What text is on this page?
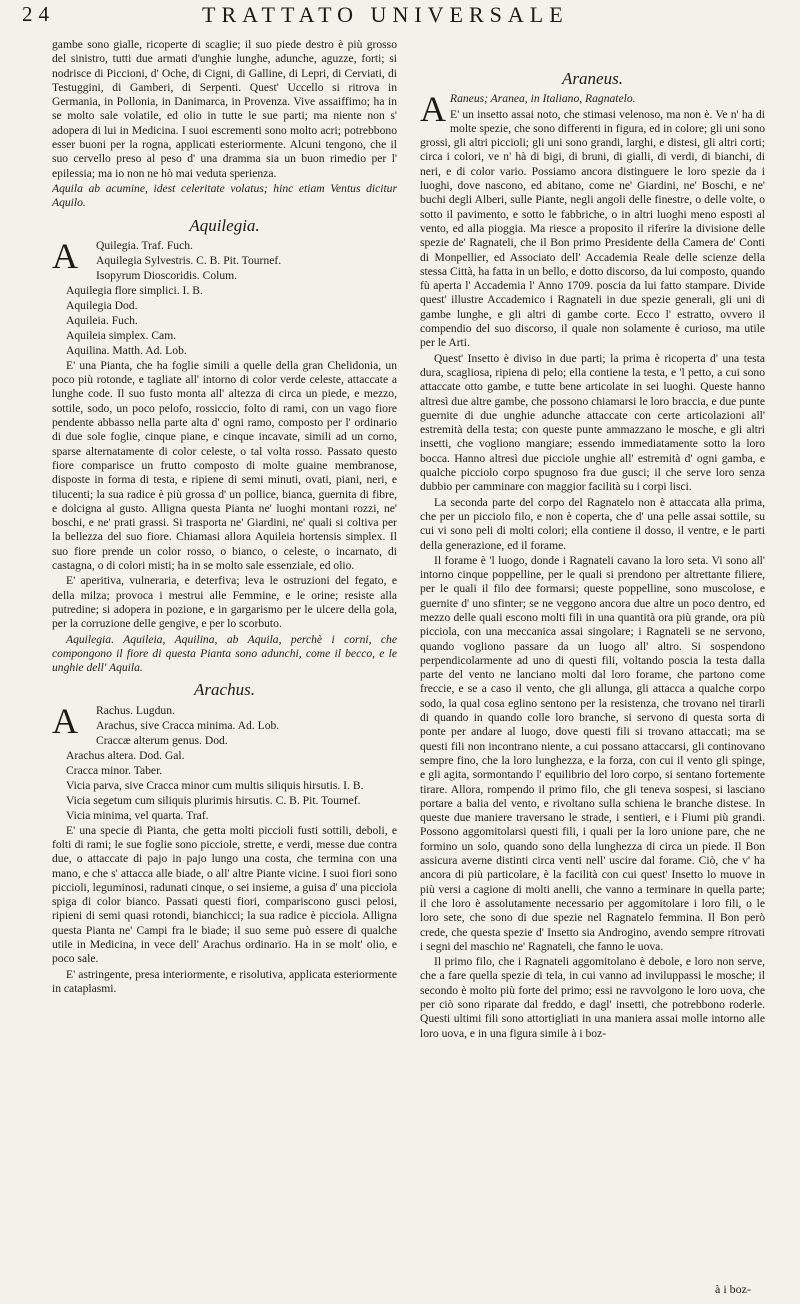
24	TRATTATO UNIVERSALE

gambe sono gialle, ricoperte di scaglie; il suo piede destro è più grosso del sinistro, tutti due armati d'unghie lunghe, adunche, aguzze, forti; si nodrisce di Piccioni, d' Oche, di Cigni, di Galline, di Lepri, di Cerviati, di Testuggini, di Gamberi, di Serpenti. Quest' Uccello si ritrova in Germania, in Pollonia, in Danimarca, in Provenza. Vive assaiffimo; ha in se molto sale volatile, ed olio in tutte le sue parti; ma niente non s' adopera di lui in Medicina. I suoi escrementi sono molto acri; potrebbono esser buoni per la rogna, applicati esteriormente. Alcuni tengono, che il suo cervello preso al peso d' una dramma sia un buon rimedio per l' epilessia; ma io non ne hò mai veduta sperienza.

Aquila ab acumine, idest celeritate volatus; hinc etiam Ventus dicitur Aquilo.

Aquilegia.
A	Quilegia. Traf. Fuch.

Aquilegia Sylvestris. C. B. Pit. Tournef.

Isopyrum Dioscoridis. Colum.

Aquilegia flore simplici. I. B.

Aquilegia Dod.

Aquileia. Fuch.

Aquileia simplex. Cam.

Aquilina. Matth. Ad. Lob.

E' una Pianta, che ha foglie simili a quelle della gran Chelidonia, un poco più rotonde, e tagliate all' intorno di color verde celeste, attaccate a lunghe code. Il suo fusto monta all' altezza di circa un piede, e mezzo, sottile, sodo, un poco pelofo, rossiccio, folto di rami, con un vago fiore pendente abbasso nella parte alta d' ogni ramo, composto per l' ordinario di due sole foglie, cinque piane, e cinque incavate, simili ad un corno, sparse alternatamente di color celeste, o tal volta rosso. Passato questo fiore comparisce un frutto composto di molte guaine membranose, disposte in forma di testa, e ripiene di semi minuti, ovati, piani, neri, e tilucenti; la sua radice è più grossa d' un pollice, bianca, guernita di fibre, e dolcigna al gusto. Alligna questa Pianta ne' luoghi montani rozzi, ne' boschi, e ne' prati grassi. Si trasporta ne' Giardini, ne' quali si coltiva per la bellezza del suo fiore. Chiamasi allora Aquileia hortensis simplex. Il suo fiore prende un color rosso, o bianco, o celeste, o incarnato, di castagna, o di colori misti; ha in se molto sale essenziale, ed olio.

E' aperitiva, vulneraria, e deterfiva; leva le ostruzioni del fegato, e della milza; provoca i mestrui alle Femmine, e le orine; resiste alla putredine; si adopera in pozione, e in gargarismo per le ulcere della gola, per la corruzione delle gengive, e per lo scorbuto.

Aquilegia. Aquileia, Aquilina, ab Aquila, perchè i corni, che compongono il fiore di questa Pianta sono adunchi, come il becco, e le unghie dell' Aquila.

Arachus.
A	Rachus. Lugdun.

Arachus, sive Cracca minima. Ad. Lob.

Craccæ alterum genus. Dod.

Arachus altera. Dod. Gal.

Cracca minor. Taber.

Vicia parva, sive Cracca minor cum multis siliquis hirsutis. I. B.

Vicia segetum cum siliquis plurimis hirsutis. C. B. Pit. Tournef.

Vicia minima, vel quarta. Traf.

E' una specie di Pianta, che getta molti piccioli fusti sottili, deboli, e folti di rami; le sue foglie sono picciole, strette, e verdi, messe due contra due, o attaccate di pajo in pajo lungo una costa, che termina con una mano, e che s' attacca alle biade, o all' altre Piante vicine. I suoi fiori sono piccioli, leguminosi, radunati cinque, o sei insieme, a guisa d' una picciola spiga di color bianco. Passati questi fiori, compariscono gusci pelosi, ripieni di semi quasi rotondi, bianchicci; la sua radice è picciola. Alligna questa Pianta ne' Campi fra le biade; il suo seme può essere di qualche utile in Medicina, in vece dell' Arachus ordinario. Ha in se molt' olio, e poco sale.

E' astringente, presa interiormente, e risolutiva, applicata esteriormente in cataplasmi.

Araneus.
A Raneus; Aranea, in Italiano, Ragnatelo.

E' un insetto assai noto, che stimasi velenoso, ma non è. Ve n' ha di molte spezie, che sono differenti in figura, ed in colore; gli uni sono grossi, gli altri piccioli; gli uni sono grandi, larghi, e distesi, gli altri corti; circa i colori, ve n' hà di bigi, di bruni, di gialli, di verdi, di bianchi, di neri, e di color vario. Possiamo ancora distinguere le loro spezie da i luoghi, dove nascono, ed abitano, come ne' Giardini, ne' Boschi, e ne' buchi degli Alberi, sulle Piante, negli angoli delle finestre, o delle volte, o sotto il pavimento, e sotto le fabbriche, o in altri luoghi meno esposti al vento, ed alla pioggia. Ma riesce a proposito il riferire la divisione delle spezie de' Ragnateli, che il Bon primo Presidente della Camera de' Conti di Monpellier, ed Associato dell' Accademia Reale delle scienze della stessa Città, ha fatta in un bello, e dotto discorso, da lui composto, quando fù aperta l' Accademia l' Anno 1709. poscia da lui fatto stampare. Divide quest' illustre Accademico i Ragnateli in due spezie generali, gli uni di gambe lunghe, e gli altri di gambe corte. Ecco l' estratto, ovvero il compendio del suo discorso, il quale non solamente è curioso, ma utile per le Arti.

Quest' Insetto è diviso in due parti; la prima è ricoperta d' una testa dura, scagliosa, ripiena di pelo; ella contiene la testa, e 'l petto, a cui sono attaccate otto gambe, e tutte bene articolate in sei luoghi. Queste hanno altresì due altre gambe, che possono chiamarsi le loro braccia, e due punte guernite di due unghie adunche attaccate con certe articolazioni all' estremità della testa; con queste punte ammazzano le mosche, e gli altri insetti, che vogliono mangiare; essendo immediatamente sotto la loro bocca. Hanno altresì due picciole unghie all' estremità d' ogni gamba, e qualche picciolo corpo spugnoso fra due gusci; il che serve loro senza dubbio per camminare con maggior facilità su i corpi lisci.

La seconda parte del corpo del Ragnatelo non è attaccata alla prima, che per un picciolo filo, e non è coperta, che d' una pelle assai sottile, su cui vi sono peli di molti colori; ella contiene il dosso, il ventre, e le parti della generazione, ed il forame.

Il forame è 'l luogo, donde i Ragnateli cavano la loro seta. Vi sono all' intorno cinque poppelline, per le quali si prendono per altrettante filiere, per le quali il filo dee formarsi; queste poppelline, sono muscolose, e guernite d' uno sfinter; se ne veggono ancora due altre un poco dentro, ed mezzo delle quali escono molti fili in una quantità ora più grande, ora più picciola, con una meccanica assai singolare; i Ragnateli se ne servono, quando vogliono passare da un luogo all' altro. Si sospendono perpendicolarmente ad uno di questi fili, voltando poscia la testa dalla parte del vento ne lanciano molti dal loro forame, che partono come freccie, e se a caso il vento, che gli allunga, gli attacca a qualche corpo sodo, la qual cosa eglino sentono per la resistenza, che trovano nel tirarli di quando in quando colle loro branche, si servono di questa sorta di ponte per andare al luogo, dove questi fili si trovano attaccati; ma se questi fili non incontrano niente, a cui possano attaccarsi, gli continovano sempre fino, che la loro lunghezza, e la forza, con cui il vento gli spinge, e gli agita, sormontando l' equilibrio del loro corpo, si sentano fortemente tirare. Allora, rompendo il primo filo, che gli teneva sospesi, si lasciano portare a balia del vento, e rivoltano sulla schiena le branche distese. In queste due maniere traversano le strade, i sentieri, e i Fiumi più grandi. Possono aggomitolarsi questi fili, i quali per la loro unione pare, che ne formino un solo, quando sono della lunghezza di circa un piede. Il Bon assicura averne distinti circa venti nell' uscire dal forame. Ciò, che v' ha ancora di più particolare, è la facilità con cui quest' Insetto lo muove in più versi a cagione di molti anelli, che vanno a terminare in quella parte; il che loro è assolutamente necessario per aggomitolare i loro fili, o le loro sete, che sono di due spezie nel Ragnatelo femmina. Il Bon però crede, che questa spezie d' Insetto sia Androgino, avendo sempre ritrovati i segni del maschio ne' Ragnateli, che fanno le uova.

Il primo filo, che i Ragnateli aggomitolano è debole, e loro non serve, che a fare quella spezie di tela, in cui vanno ad inviluppassi le mosche; il secondo è molto più forte del primo; essi ne ravvolgono le loro uova, che per ciò sono riparate dal freddo, e dagl' insetti, che potrebbono roderle. Questi ultimi fili sono attortigliati in una maniera assai molle intorno alle loro uova, e in una figura simile à i boz-

à i boz-
